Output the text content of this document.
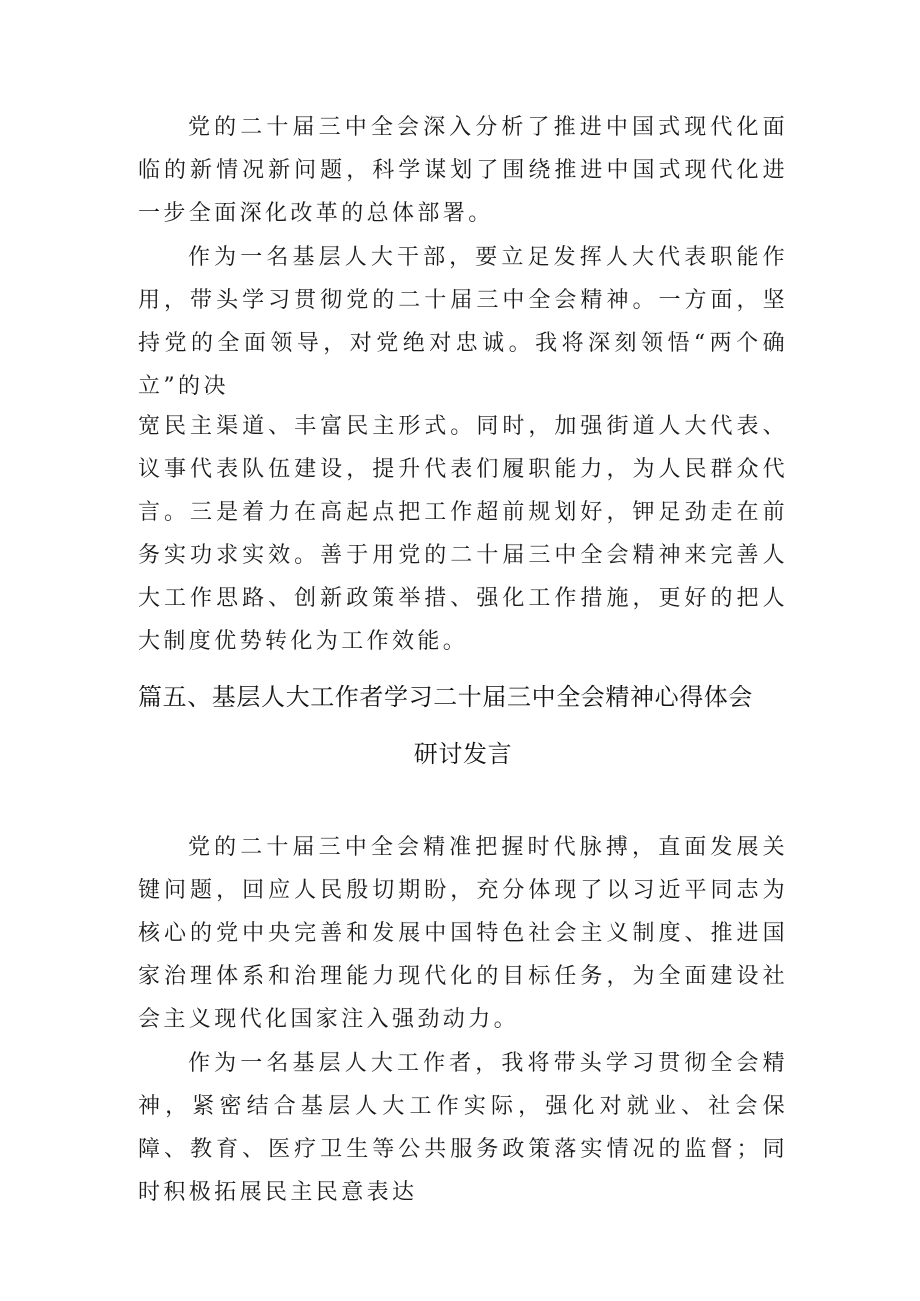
党的二十届三中全会深入分析了推进中国式现代化面临的新情况新问题，科学谋划了围绕推进中国式现代化进一步全面深化改革的总体部署。

作为一名基层人大干部，要立足发挥人大代表职能作用，带头学习贯彻党的二十届三中全会精神。一方面，坚持党的全面领导，对党绝对忠诚。我将深刻领悟“两个确立”的决

宽民主渠道、丰富民主形式。同时，加强街道人大代表、议事代表队伍建设，提升代表们履职能力，为人民群众代言。三是着力在高起点把工作超前规划好，钾足劲走在前务实功求实效。善于用党的二十届三中全会精神来完善人大工作思路、创新政策举措、强化工作措施，更好的把人大制度优势转化为工作效能。

篇五、基层人大工作者学习二十届三中全会精神心得体会
研讨发言

党的二十届三中全会精准把握时代脉搏，直面发展关键问题，回应人民殷切期盼，充分体现了以习近平同志为核心的党中央完善和发展中国特色社会主义制度、推进国家治理体系和治理能力现代化的目标任务，为全面建设社会主义现代化国家注入强劲动力。

作为一名基层人大工作者，我将带头学习贯彻全会精神，紧密结合基层人大工作实际，强化对就业、社会保障、教育、医疗卫生等公共服务政策落实情况的监督；同时积极拓展民主民意表达
